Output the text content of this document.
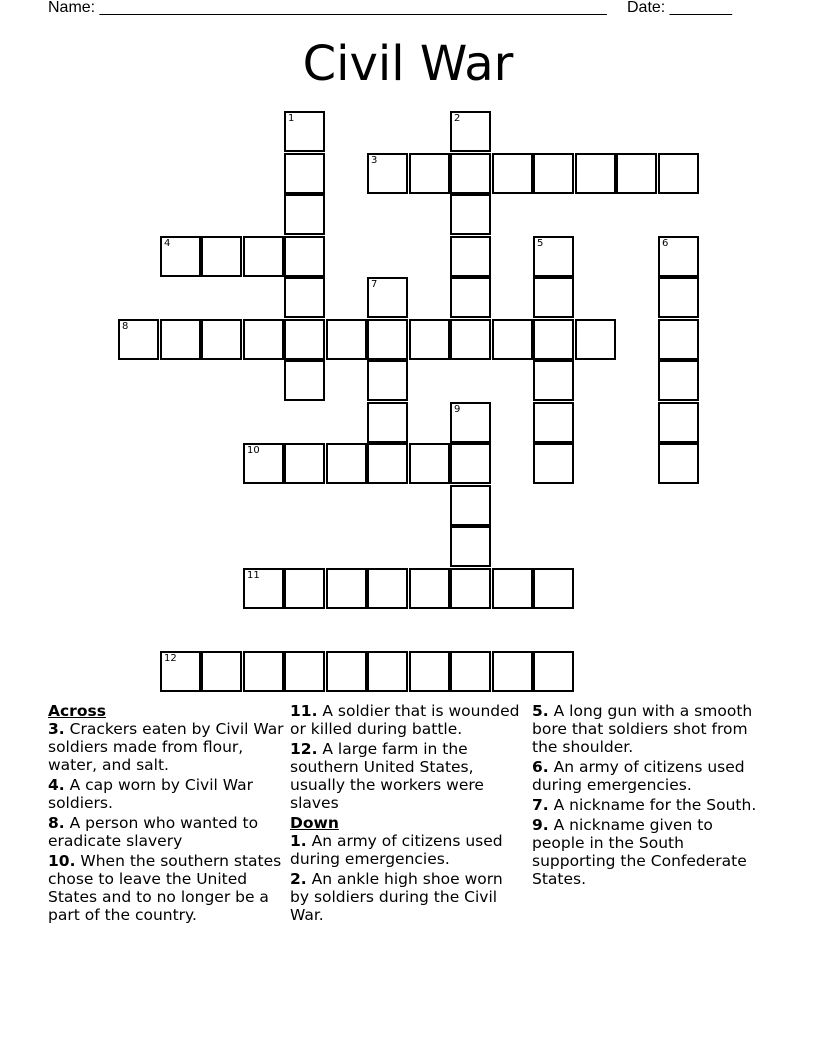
Name: _________________________________________________________ Date: _______
Civil War
1	2
3
4	5	6
7
8
9
10
11
12

Across

3. Crackers eaten by Civil War soldiers made from flour, water, and salt.

4. A cap worn by Civil War soldiers.

8. A person who wanted to eradicate slavery

10. When the southern states chose to leave the United States and to no longer be a part of the country.

11. A soldier that is wounded or killed during battle.

12. A large farm in the southern United States, usually the workers were slaves

Down

1. An army of citizens used during emergencies.

2. An ankle high shoe worn by soldiers during the Civil War.

5. A long gun with a smooth bore that soldiers shot from the shoulder.

6. An army of citizens used during emergencies.

7. A nickname for the South.

9. A nickname given to people in the South supporting the Confederate States.
